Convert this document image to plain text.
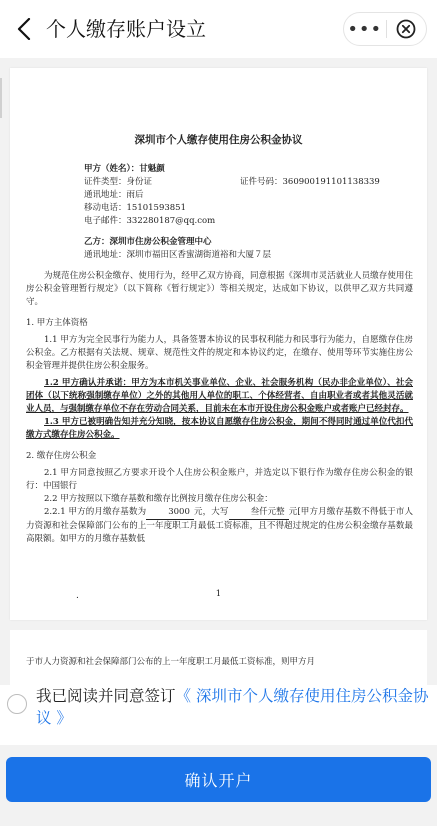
个人缴存账户设立	•••
深圳市个人缴存使用住房公积金协议
甲方（姓名）：甘魁颜
证件类型：身份证	证件号码：360900191101138339
通讯地址：雨后
移动电话：15101593851
电子邮件：332280187@qq.com
乙方：深圳市住房公积金管理中心
通讯地址：深圳市福田区香蜜湖街道裕和大厦７层
为规范住房公积金缴存、使用行为，经甲乙双方协商，同意根据《深圳市灵活就业人员缴存使用住房公积金管理暂行规定》（以下简称《暂行规定》）等相关规定，达成如下协议，以供甲乙双方共同遵守。
1. 甲方主体资格
1.1 甲方为完全民事行为能力人，具备签署本协议的民事权利能力和民事行为能力，自愿缴存住房公积金。乙方根据有关法规、规章、规范性文件的规定和本协议约定，在缴存、使用等环节实施住房公积金管理并提供住房公积金服务。
1.2 甲方确认并承诺：甲方为本市机关事业单位、企业、社会服务机构（民办非企业单位）、社会团体（以下统称强制缴存单位）之外的其他用人单位的职工、个体经营者、自由职业者或者其他灵活就业人员，与强制缴存单位不存在劳动合同关系，目前未在本市开设住房公积金账户或者账户已经封存。
1.3 甲方已被明确告知并充分知晓，按本协议自愿缴存住房公积金，期间不得同时通过单位代扣代缴方式缴存住房公积金。
2. 缴存住房公积金
2.1 甲方同意按照乙方要求开设个人住房公积金账户，并选定以下银行作为缴存住房公积金的银行：中国银行
2.2 甲方按照以下缴存基数和缴存比例按月缴存住房公积金：
2.2.1 甲方的月缴存基数为	3000 元，大写	叁仟元整 元[甲方月缴存基数不得低于市人力资源和社会保障部门公布的上一年度职工月最低工资标准，且不得超过规定的住房公积金缴存基数最高限额。如甲方的月缴存基数低
.	1
于市人力资源和社会保障部门公布的上一年度职工月最低工资标准，则甲方月
我已阅读并同意签订《 深圳市个人缴存使用住房公积金协议 》
确认开户
